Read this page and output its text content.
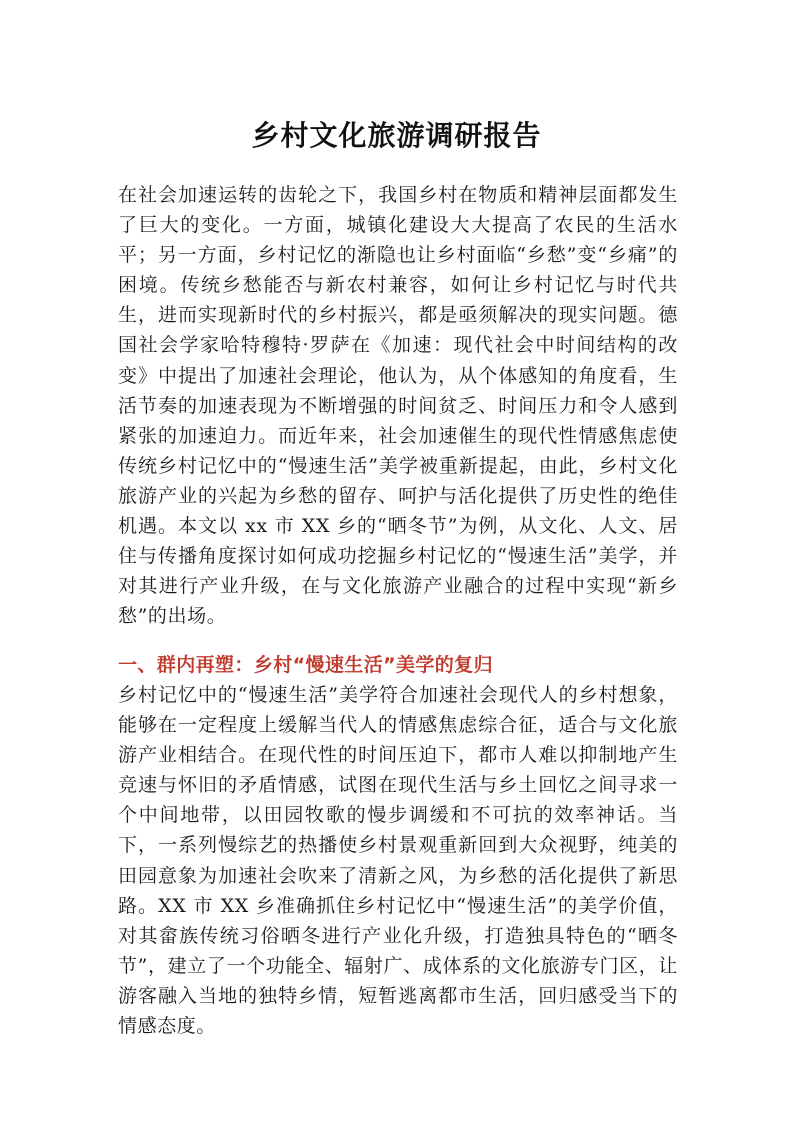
乡村文化旅游调研报告
在社会加速运转的齿轮之下，我国乡村在物质和精神层面都发生了巨大的变化。一方面，城镇化建设大大提高了农民的生活水平；另一方面，乡村记忆的渐隐也让乡村面临“乡愁”变“乡痛”的困境。传统乡愁能否与新农村兼容，如何让乡村记忆与时代共生，进而实现新时代的乡村振兴，都是亟须解决的现实问题。德国社会学家哈特穆特·罗萨在《加速：现代社会中时间结构的改变》中提出了加速社会理论，他认为，从个体感知的角度看，生活节奏的加速表现为不断增强的时间贫乏、时间压力和令人感到紧张的加速迫力。而近年来，社会加速催生的现代性情感焦虑使传统乡村记忆中的“慢速生活”美学被重新提起，由此，乡村文化旅游产业的兴起为乡愁的留存、呵护与活化提供了历史性的绝佳机遇。本文以 xx 市 XX 乡的“晒冬节”为例，从文化、人文、居住与传播角度探讨如何成功挖掘乡村记忆的“慢速生活”美学，并对其进行产业升级，在与文化旅游产业融合的过程中实现“新乡愁”的出场。
一、群内再塑：乡村“慢速生活”美学的复归
乡村记忆中的“慢速生活”美学符合加速社会现代人的乡村想象，能够在一定程度上缓解当代人的情感焦虑综合征，适合与文化旅游产业相结合。在现代性的时间压迫下，都市人难以抑制地产生竞速与怀旧的矛盾情感，试图在现代生活与乡土回忆之间寻求一个中间地带，以田园牧歌的慢步调缓和不可抗的效率神话。当下，一系列慢综艺的热播使乡村景观重新回到大众视野，纯美的田园意象为加速社会吹来了清新之风，为乡愁的活化提供了新思路。XX 市 XX 乡准确抓住乡村记忆中“慢速生活”的美学价值，对其畲族传统习俗晒冬进行产业化升级，打造独具特色的“晒冬节”，建立了一个功能全、辐射广、成体系的文化旅游专门区，让游客融入当地的独特乡情，短暂逃离都市生活，回归感受当下的情感态度。
